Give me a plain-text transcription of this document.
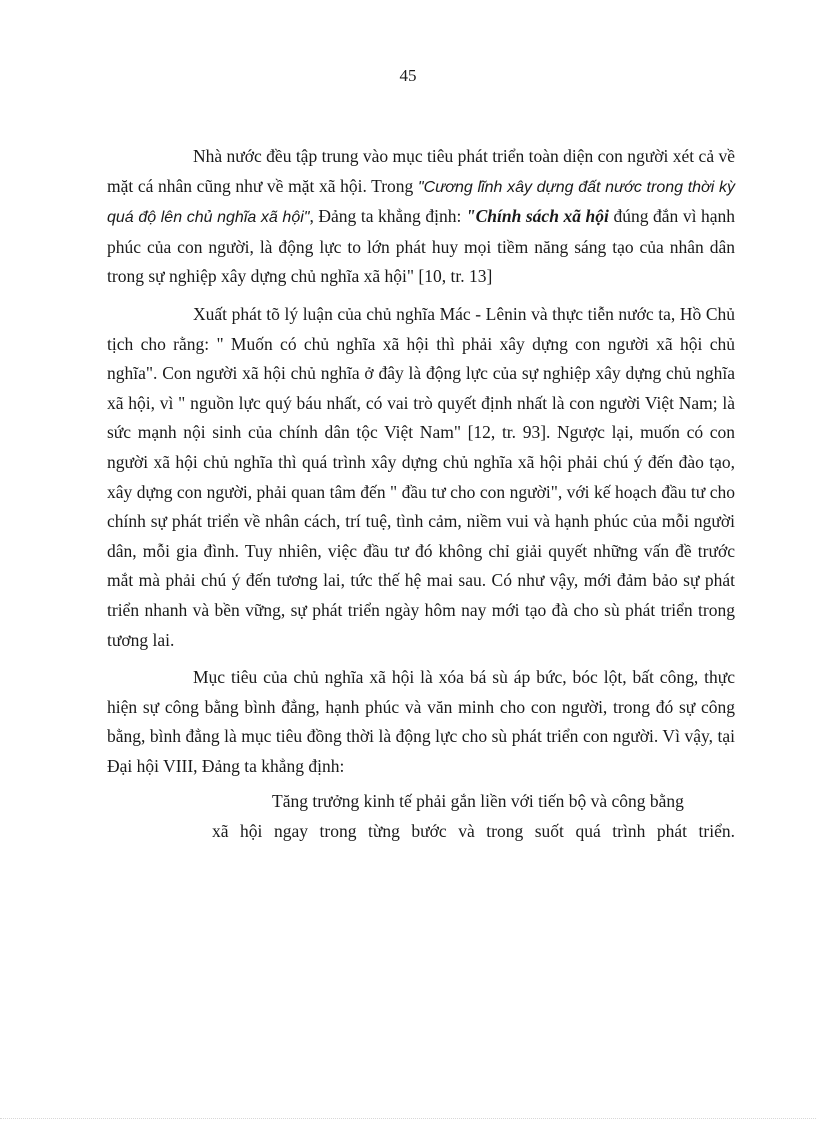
45

Nhà nước đều tập trung vào mục tiêu phát triển toàn diện con người xét cả về mặt cá nhân cũng như về mặt xã hội. Trong "Cương lĩnh xây dựng đất nước trong thời kỳ quá độ lên chủ nghĩa xã hội", Đảng ta khẳng định: "Chính sách xã hội đúng đắn vì hạnh phúc của con người, là động lực to lớn phát huy mọi tiềm năng sáng tạo của nhân dân trong sự nghiệp xây dựng chủ nghĩa xã hội" [10, tr. 13]

Xuất phát tõ lý luận của chủ nghĩa Mác - Lênin và thực tiễn nước ta, Hồ Chủ tịch cho rằng: " Muốn có chủ nghĩa xã hội thì phải xây dựng con người xã hội chủ nghĩa". Con người xã hội chủ nghĩa ở đây là động lực của sự nghiệp xây dựng chủ nghĩa xã hội, vì " nguồn lực quý báu nhất, có vai trò quyết định nhất là con người Việt Nam; là sức mạnh nội sinh của chính dân tộc Việt Nam" [12, tr. 93]. Ngược lại, muốn có con người xã hội chủ nghĩa thì quá trình xây dựng chủ nghĩa xã hội phải chú ý đến đào tạo, xây dựng con người, phải quan tâm đến " đầu tư cho con người", với kế hoạch đầu tư cho chính sự phát triển về nhân cách, trí tuệ, tình cảm, niềm vui và hạnh phúc của mỗi người dân, mỗi gia đình. Tuy nhiên, việc đầu tư đó không chỉ giải quyết những vấn đề trước mắt mà phải chú ý đến tương lai, tức thế hệ mai sau. Có như vậy, mới đảm bảo sự phát triển nhanh và bền vững, sự phát triển ngày hôm nay mới tạo đà cho sù phát triển trong tương lai.

Mục tiêu của chủ nghĩa xã hội là xóa bá sù áp bức, bóc lột, bất công, thực hiện sự công bằng bình đẳng, hạnh phúc và văn minh cho con người, trong đó sự công bằng, bình đẳng là mục tiêu đồng thời là động lực cho sù phát triển con người. Vì vậy, tại Đại hội VIII, Đảng ta khẳng định:

Tăng trưởng kinh tế phải gắn liền với tiến bộ và công bằng
xã hội ngay trong từng bước và trong suốt quá trình phát triển.
